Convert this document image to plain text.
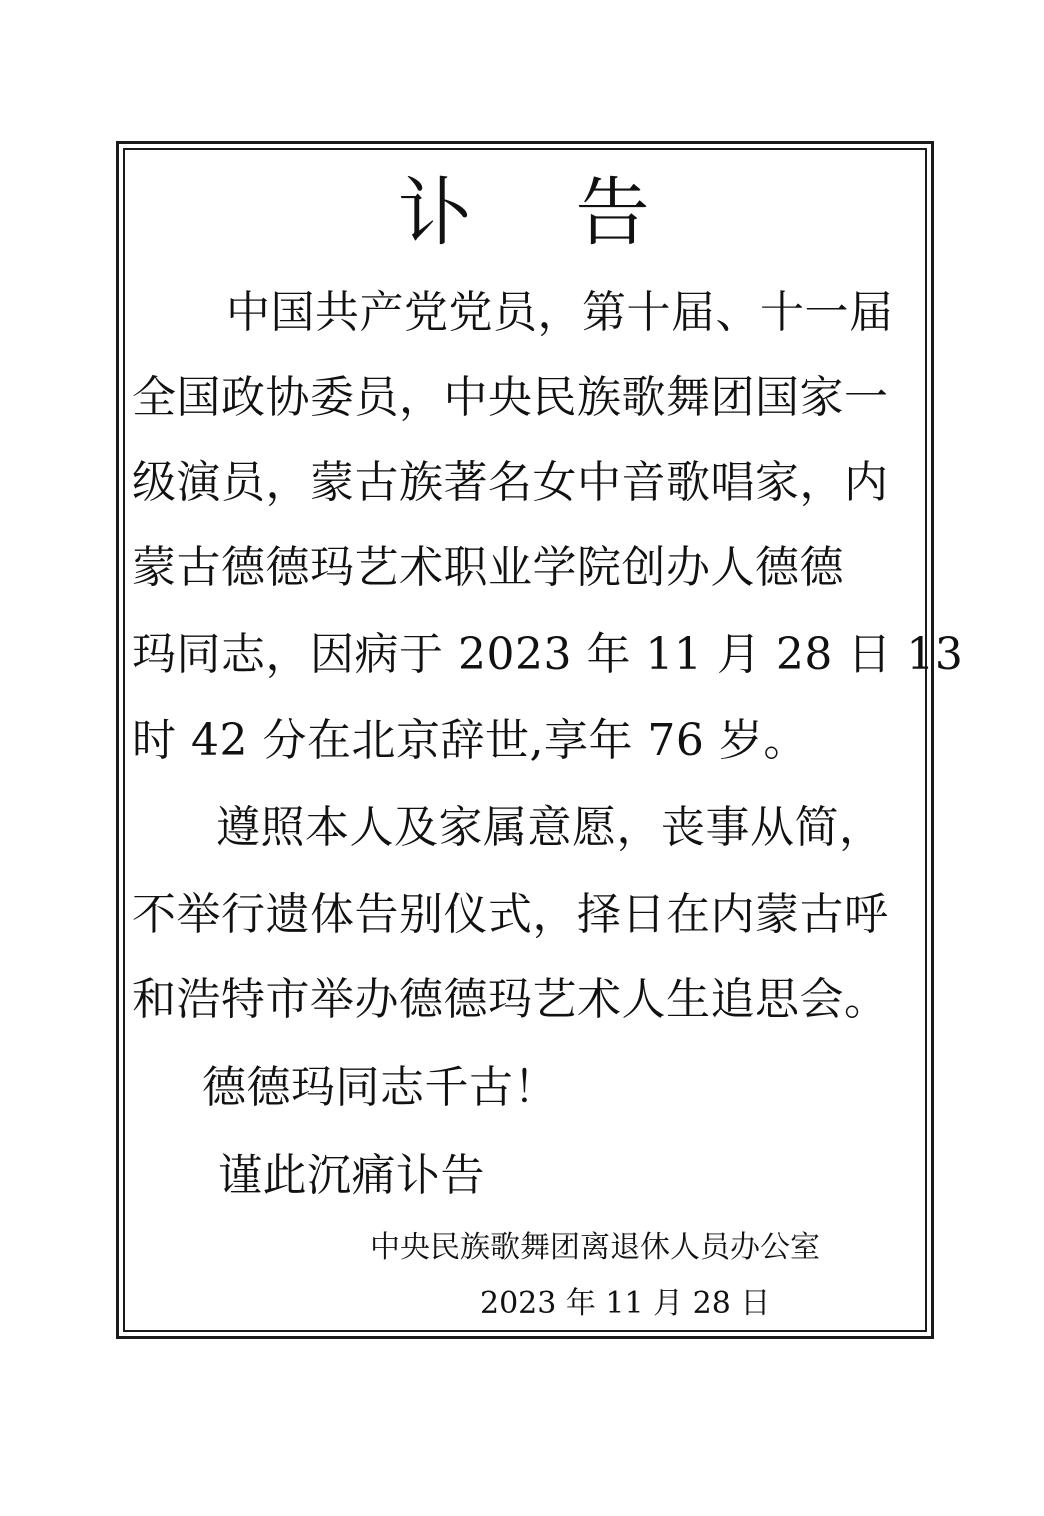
讣 告
中国共产党党员，第十届、十一届
全国政协委员，中央民族歌舞团国家一
级演员，蒙古族著名女中音歌唱家，内
蒙古德德玛艺术职业学院创办人德德
玛同志，因病于 2023 年 11 月 28 日 13
时 42 分在北京辞世,享年 76 岁。
遵照本人及家属意愿，丧事从简，
不举行遗体告别仪式，择日在内蒙古呼
和浩特市举办德德玛艺术人生追思会。
德德玛同志千古！
谨此沉痛讣告
中央民族歌舞团离退休人员办公室
2023 年 11 月 28 日
